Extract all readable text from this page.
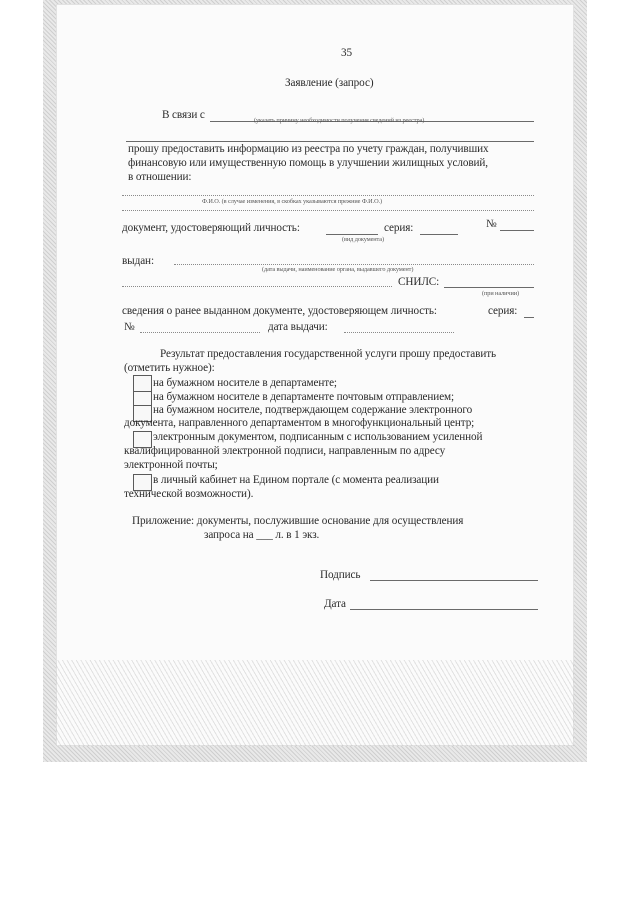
35
Заявление (запрос)
В связи с	(указать причину необходимости получения сведений из реестра)
прошу предоставить информацию из реестра по учету граждан, получивших
финансовую или имущественную помощь в улучшении жилищных условий,
в отношении:
Ф.И.О. (в случае изменения, в скобках указываются прежние Ф.И.О.)
документ, удостоверяющий личность:
(вид документа)
серия:	№
выдан:
(дата выдачи, наименование органа, выдавшего документ)
СНИЛС:
(при наличии)
сведения о ранее выданном документе, удостоверяющем личность:	серия:
№	дата выдачи:
Результат предоставления государственной услуги прошу предоставить
(отметить нужное):
на бумажном носителе в департаменте;
на бумажном носителе в департаменте почтовым отправлением;
на бумажном носителе, подтверждающем содержание электронного
документа, направленного департаментом в многофункциональный центр;
электронным документом, подписанным с использованием усиленной
квалифицированной электронной подписи, направленным по адресу
электронной почты;
в личный кабинет на Едином портале (с момента реализации
технической возможности).
Приложение: документы, послужившие основание для осуществления
запроса на ___ л. в 1 экз.
Подпись
Дата
